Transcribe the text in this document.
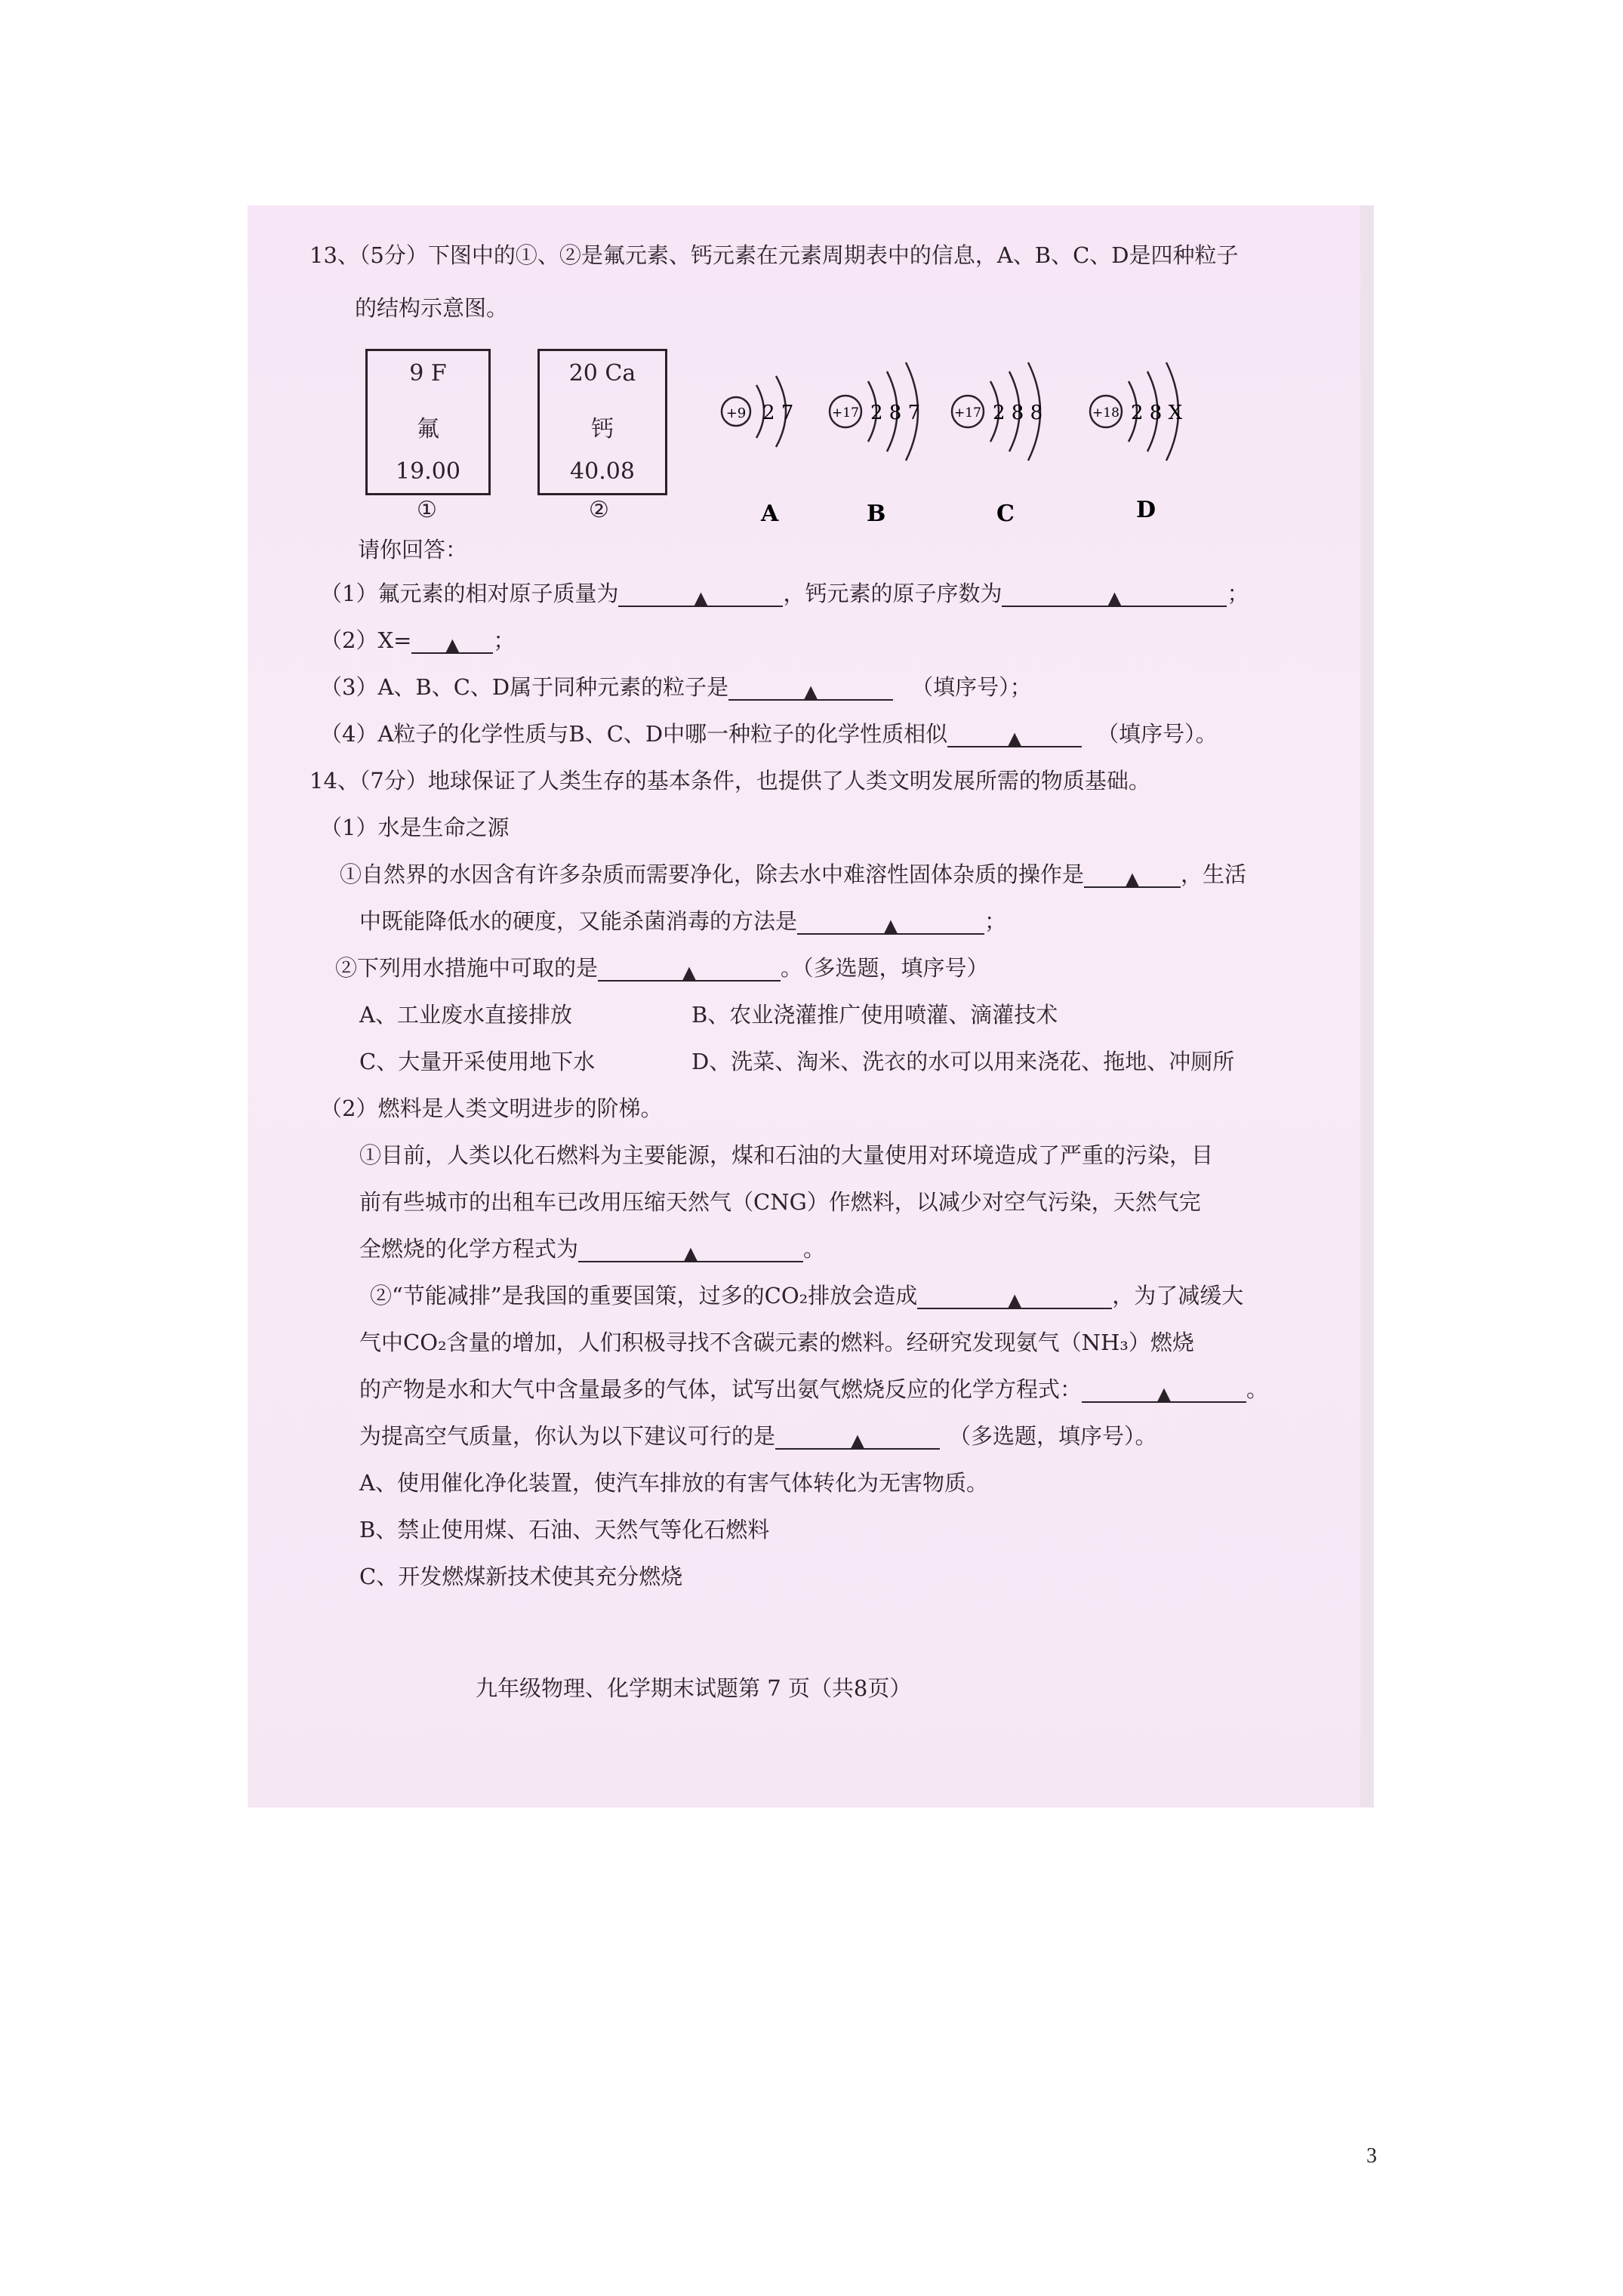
13、（5分）下图中的①、②是氟元素、钙元素在元素周期表中的信息，A、B、C、D是四种粒子
的结构示意图。
9 F
氟
19.00
①
20 Ca
钙
40.08
②
+9 2 7
A
+17 2 8 7
B
+17 2 8 8
C
+18 2 8 X
D
请你回答：
（1）氟元素的相对原子质量为	▲	，钙元素的原子序数为	▲	；
（2）X= ▲ ；
（3）A、B、C、D属于同种元素的粒子是	▲	（填序号）；
（4）A粒子的化学性质与B、C、D中哪一种粒子的化学性质相似	▲	（填序号）。
14、（7分）地球保证了人类生存的基本条件，也提供了人类文明发展所需的物质基础。
（1）水是生命之源
①自然界的水因含有许多杂质而需要净化，除去水中难溶性固体杂质的操作是 ▲ ，生活
中既能降低水的硬度，又能杀菌消毒的方法是	▲	；
②下列用水措施中可取的是	▲	。（多选题，填序号）
A、工业废水直接排放	B、农业浇灌推广使用喷灌、滴灌技术
C、大量开采使用地下水	D、洗菜、淘米、洗衣的水可以用来浇花、拖地、冲厕所
（2）燃料是人类文明进步的阶梯。
①目前，人类以化石燃料为主要能源，煤和石油的大量使用对环境造成了严重的污染，目
前有些城市的出租车已改用压缩天然气（CNG）作燃料，以减少对空气污染，天然气完
全燃烧的化学方程式为	▲	。
②“节能减排”是我国的重要国策，过多的CO₂排放会造成	▲	，为了减缓大
气中CO₂含量的增加，人们积极寻找不含碳元素的燃料。经研究发现氨气（NH₃）燃烧
的产物是水和大气中含量最多的气体，试写出氨气燃烧反应的化学方程式：	▲	。
为提高空气质量，你认为以下建议可行的是	▲	（多选题，填序号）。
A、使用催化净化装置，使汽车排放的有害气体转化为无害物质。
B、禁止使用煤、石油、天然气等化石燃料
C、开发燃煤新技术使其充分燃烧
九年级物理、化学期末试题第 7 页（共8页）
3
